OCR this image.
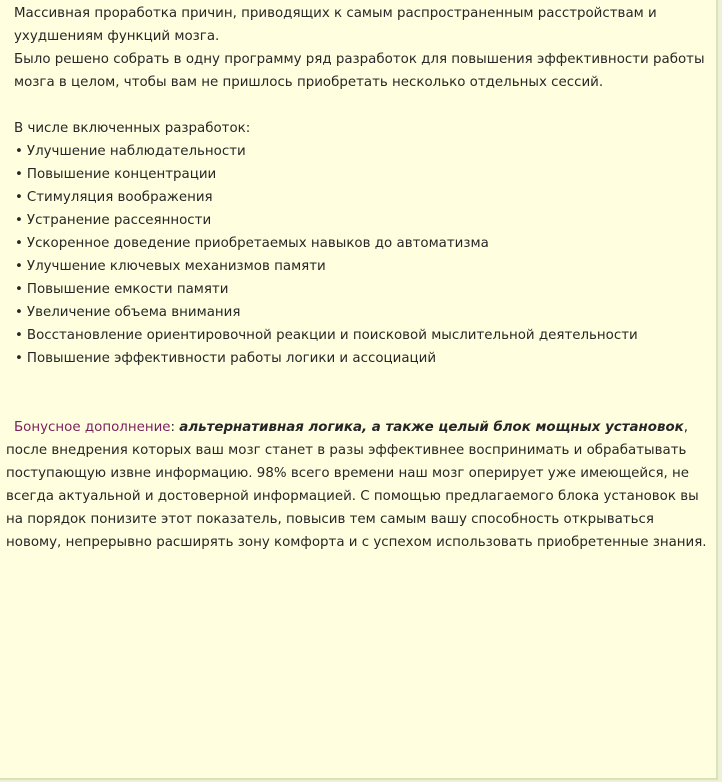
Массивная проработка причин, приводящих к самым распространенным расстройствам и ухудшениям функций мозга.

Было решено собрать в одну программу ряд разработок для повышения эффективности работы мозга в целом, чтобы вам не пришлось приобретать несколько отдельных сессий.

В числе включенных разработок:

• Улучшение наблюдательности
• Повышение концентрации
• Стимуляция воображения
• Устранение рассеянности
• Ускоренное доведение приобретаемых навыков до автоматизма
• Улучшение ключевых механизмов памяти
• Повышение емкости памяти
• Увеличение объема внимания
• Восстановление ориентировочной реакции и поисковой мыслительной деятельности
• Повышение эффективности работы логики и ассоциаций

Бонусное дополнение: альтернативная логика, а также целый блок мощных установок, после внедрения которых ваш мозг станет в разы эффективнее воспринимать и обрабатывать поступающую извне информацию. 98% всего времени наш мозг оперирует уже имеющейся, не всегда актуальной и достоверной информацией. С помощью предлагаемого блока установок вы на порядок понизите этот показатель, повысив тем самым вашу способность открываться новому, непрерывно расширять зону комфорта и с успехом использовать приобретенные знания.
